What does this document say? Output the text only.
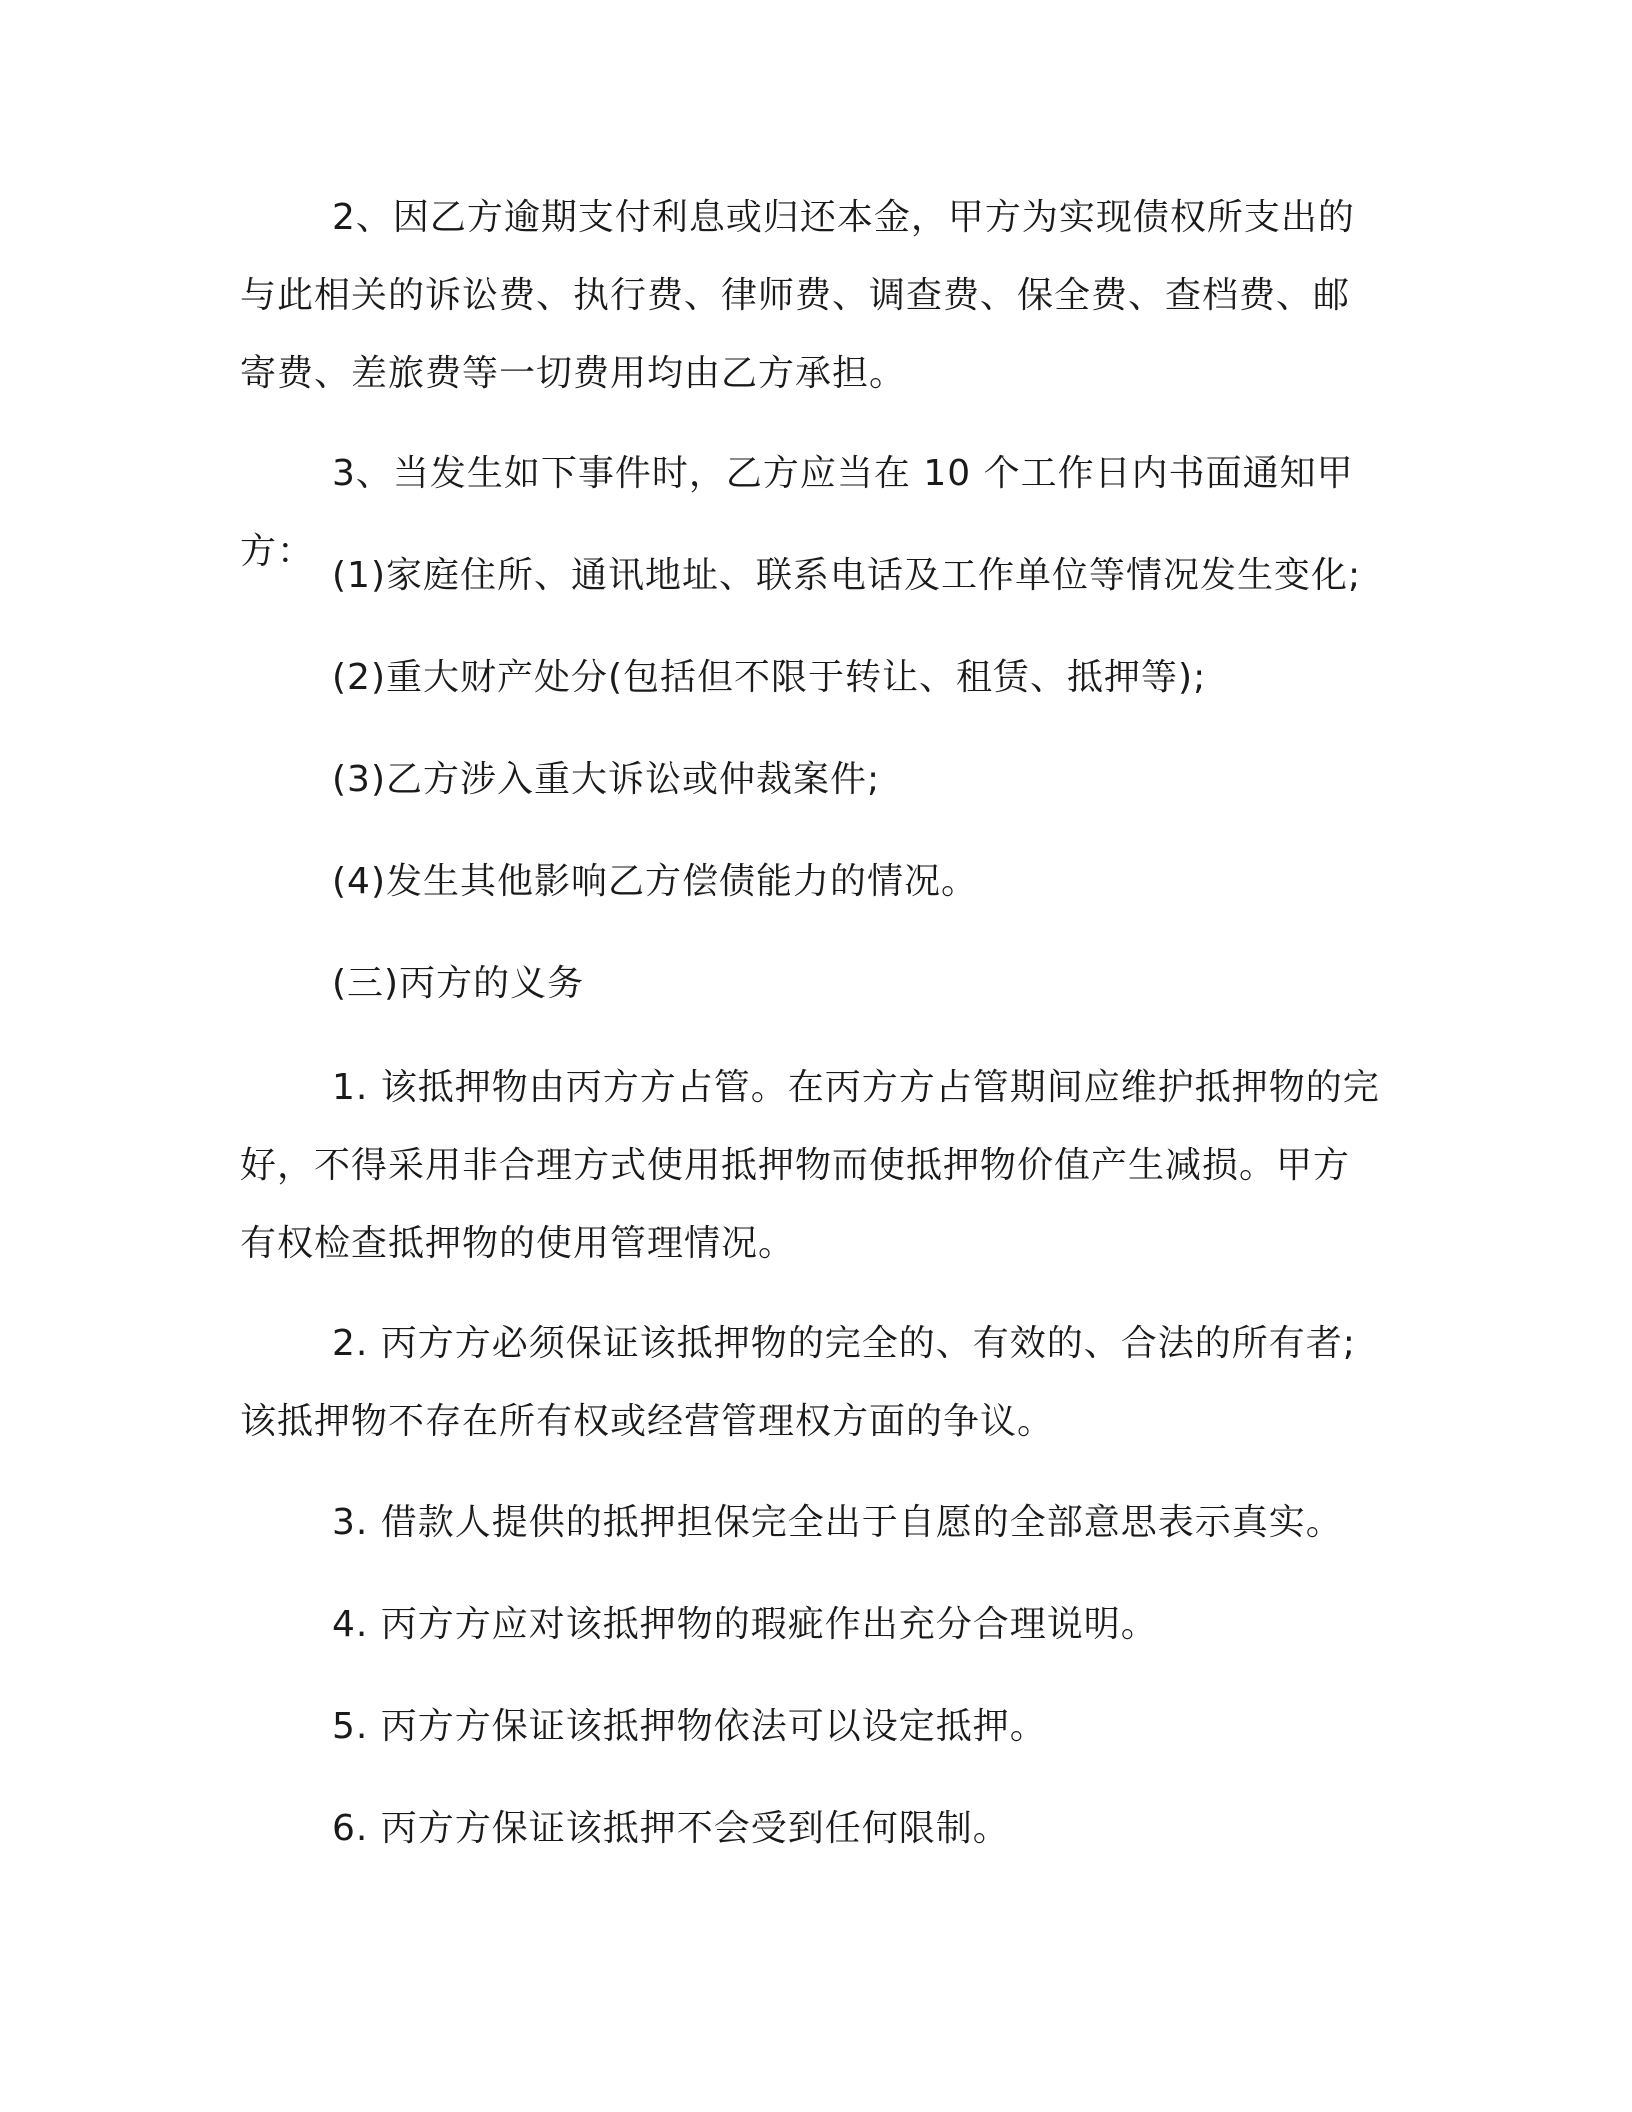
2、因乙方逾期支付利息或归还本金，甲方为实现债权所支出的
与此相关的诉讼费、执行费、律师费、调查费、保全费、查档费、邮
寄费、差旅费等一切费用均由乙方承担。

3、当发生如下事件时，乙方应当在 10 个工作日内书面通知甲方：

(1)家庭住所、通讯地址、联系电话及工作单位等情况发生变化;

(2)重大财产处分(包括但不限于转让、租赁、抵押等);

(3)乙方涉入重大诉讼或仲裁案件;

(4)发生其他影响乙方偿债能力的情况。

(三)丙方的义务

1. 该抵押物由丙方方占管。在丙方方占管期间应维护抵押物的完
好，不得采用非合理方式使用抵押物而使抵押物价值产生减损。甲方
有权检查抵押物的使用管理情况。

2. 丙方方必须保证该抵押物的完全的、有效的、合法的所有者;
该抵押物不存在所有权或经营管理权方面的争议。

3. 借款人提供的抵押担保完全出于自愿的全部意思表示真实。

4. 丙方方应对该抵押物的瑕疵作出充分合理说明。

5. 丙方方保证该抵押物依法可以设定抵押。

6. 丙方方保证该抵押不会受到任何限制。
